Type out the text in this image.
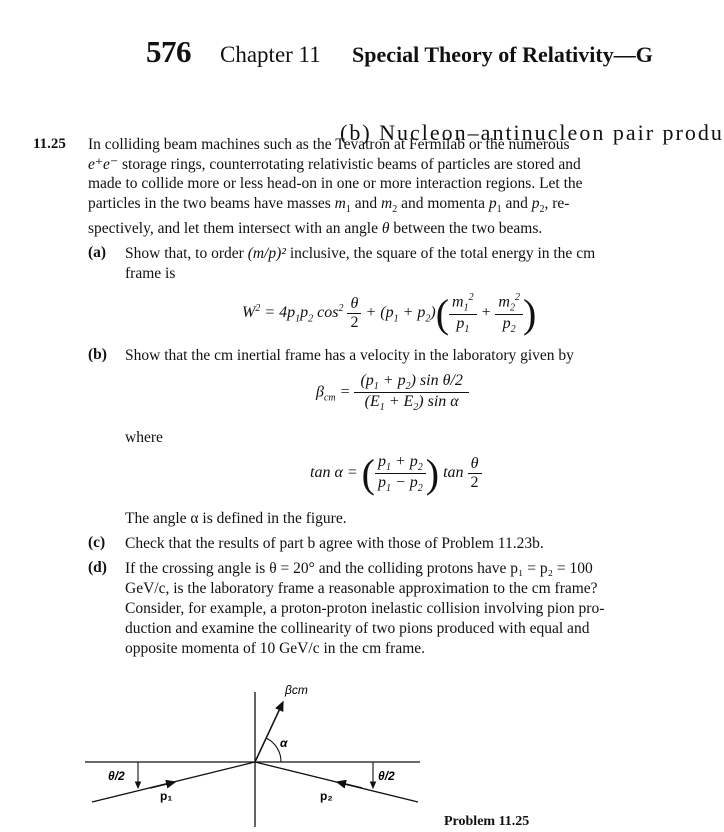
576 Chapter 11 Special Theory of Relativity—G
(b) Nucleon–antinucleon pair produ
11.25 In colliding beam machines such as the Tevatron at Fermilab or the numerous
e⁺e⁻ storage rings, counterrotating relativistic beams of particles are stored and
made to collide more or less head-on in one or more interaction regions. Let the
particles in the two beams have masses $m_1$ and $m_2$ and momenta $p_1$ and $p_2$, re-
spectively, and let them intersect with an angle θ between the two beams.
(a) Show that, to order (m/p)² inclusive, the square of the total energy in the cm
frame is
$W^2 = 4p_1p_2$ $\cos^2 \frac{\theta}{2} + (p_1 + p_2)( \frac{m_1^2}{p_1} + \frac{m_2^2}{p_2}$ )
(b) Show that the cm inertial frame has a velocity in the laboratory given by
$\beta_{cm} = \frac{(p_1 + p_2) \sin \theta/2}{(E_1 + E_2) \sin \alpha}$
where
tan α = ( $\frac{p_1 + p_2}{p_1 - p_2}$ ) $\tan \frac{\theta}{2}$
The angle α is defined in the figure.
(c) Check that the results of part b agree with those of Problem 11.23b.
(d) If the crossing angle is θ = 20° and the colliding protons have p₁ = p₂ = 100
GeV/c, is the laboratory frame a reasonable approximation to the cm frame?
Consider, for example, a proton-proton inelastic collision involving pion pro-
duction and examine the collinearity of two pions produced with equal and
opposite momenta of 10 GeV/c in the cm frame.
θ/2	θ/2
p₁	p₂
βcm
α
Problem 11.25
